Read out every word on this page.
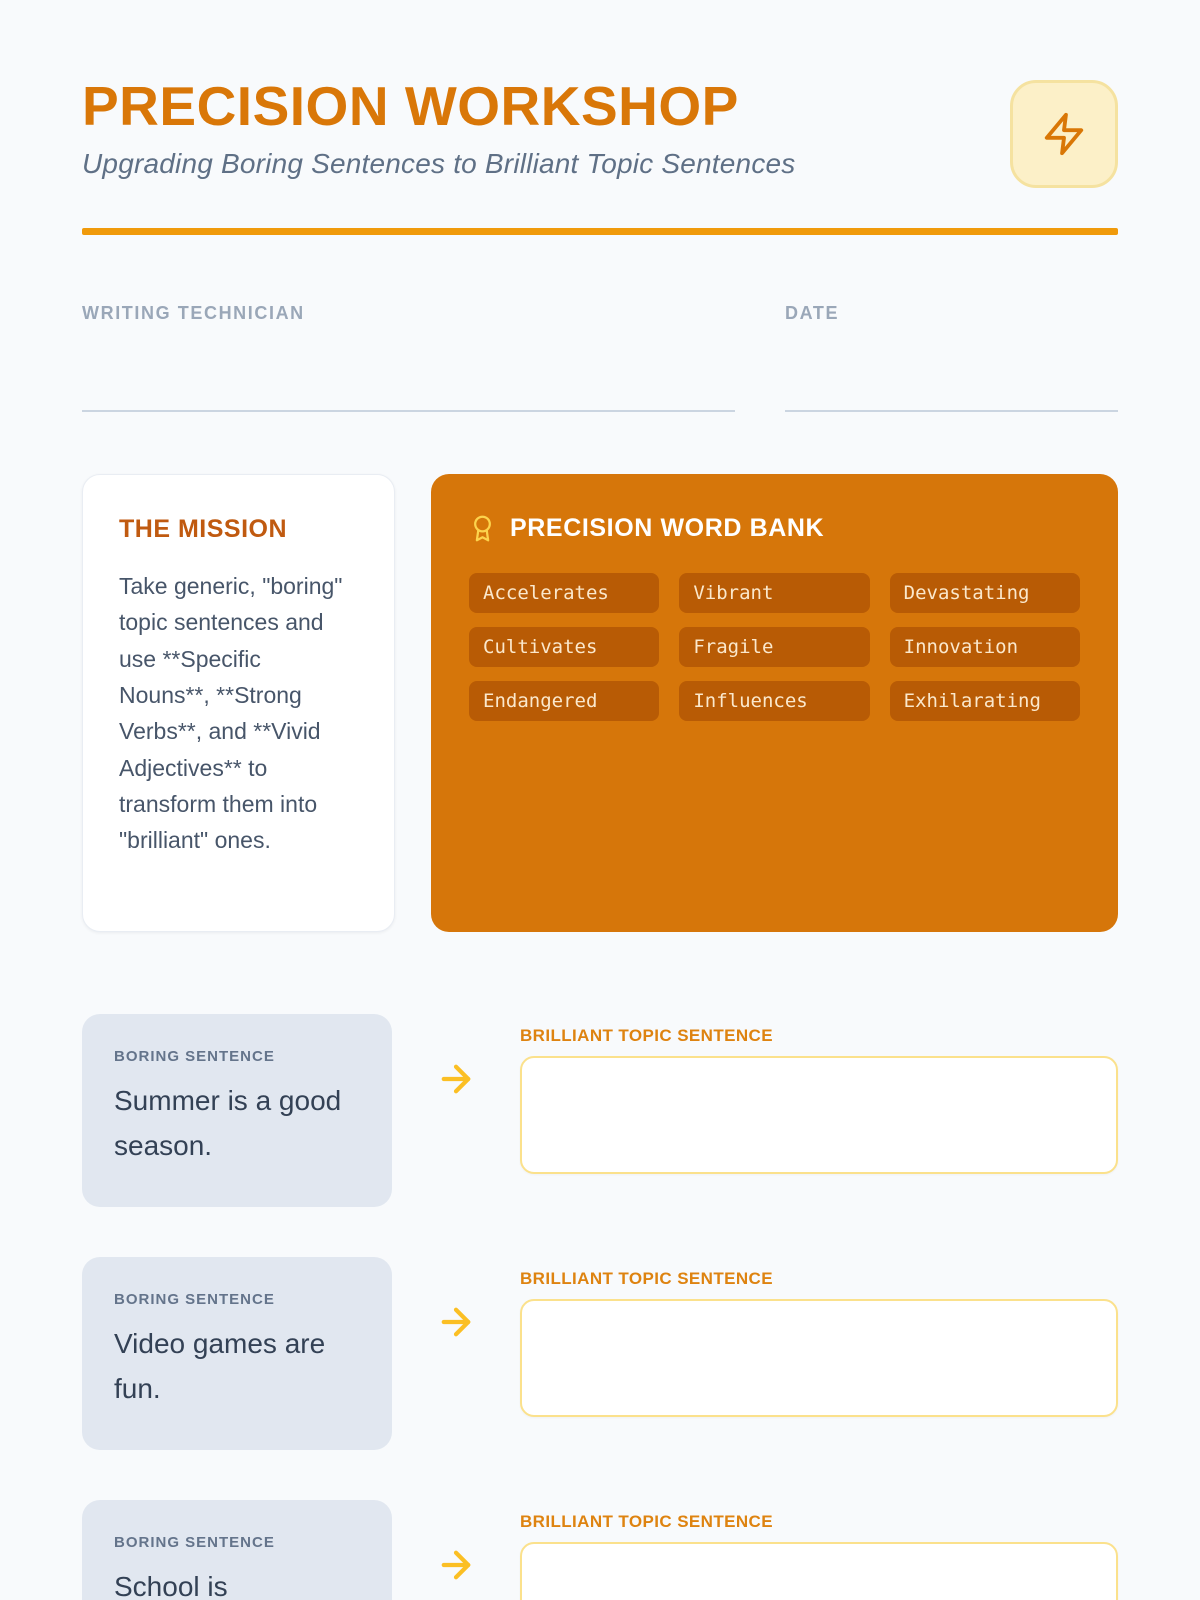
PRECISION WORKSHOP

Upgrading Boring Sentences to Brilliant Topic Sentences

WRITING TECHNICIAN	DATE
THE MISSION
Take generic, "boring" topic sentences and use **Specific Nouns**, **Strong Verbs**, and **Vivid Adjectives** to transform them into "brilliant" ones.
PRECISION WORD BANK
Accelerates	Vibrant	Devastating
Cultivates	Fragile	Innovation
Endangered	Influences	Exhilarating
BORING SENTENCE
Summer is a good season.
BRILLIANT TOPIC SENTENCE
BORING SENTENCE
Video games are fun.
BRILLIANT TOPIC SENTENCE
BORING SENTENCE
School is
BRILLIANT TOPIC SENTENCE
